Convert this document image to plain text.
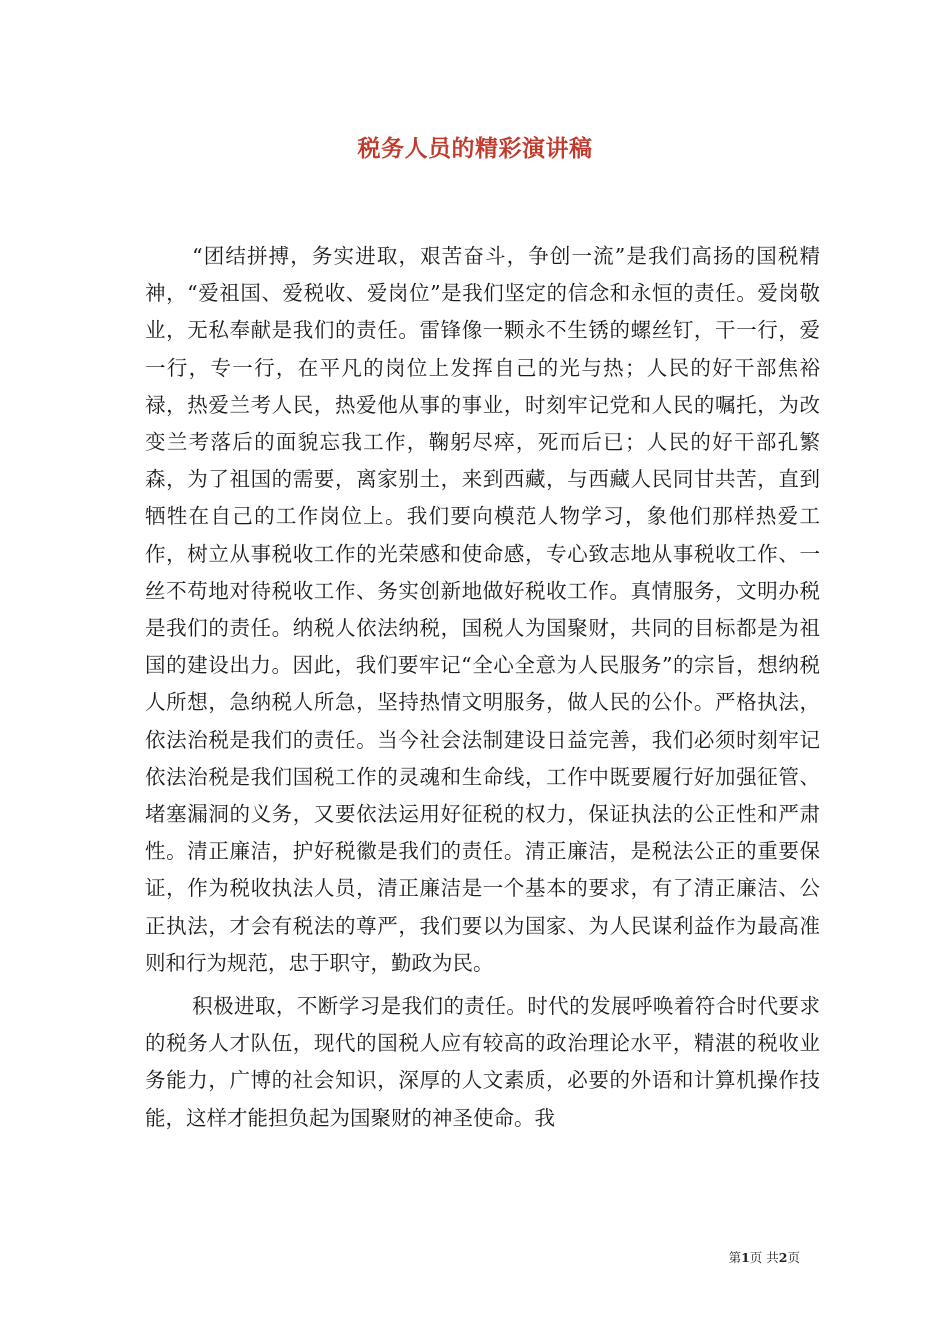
税务人员的精彩演讲稿

“团结拼搏，务实进取，艰苦奋斗，争创一流”是我们高扬的国税精神，“爱祖国、爱税收、爱岗位”是我们坚定的信念和永恒的责任。爱岗敬业，无私奉献是我们的责任。雷锋像一颗永不生锈的螺丝钉，干一行，爱一行，专一行，在平凡的岗位上发挥自己的光与热；人民的好干部焦裕禄，热爱兰考人民，热爱他从事的事业，时刻牢记党和人民的嘱托，为改变兰考落后的面貌忘我工作，鞠躬尽瘁，死而后已；人民的好干部孔繁森，为了祖国的需要，离家别土，来到西藏，与西藏人民同甘共苦，直到牺牲在自己的工作岗位上。我们要向模范人物学习，象他们那样热爱工作，树立从事税收工作的光荣感和使命感，专心致志地从事税收工作、一丝不苟地对待税收工作、务实创新地做好税收工作。真情服务，文明办税是我们的责任。纳税人依法纳税，国税人为国聚财，共同的目标都是为祖国的建设出力。因此，我们要牢记“全心全意为人民服务”的宗旨，想纳税人所想，急纳税人所急，坚持热情文明服务，做人民的公仆。严格执法，依法治税是我们的责任。当今社会法制建设日益完善，我们必须时刻牢记依法治税是我们国税工作的灵魂和生命线，工作中既要履行好加强征管、堵塞漏洞的义务，又要依法运用好征税的权力，保证执法的公正性和严肃性。清正廉洁，护好税徽是我们的责任。清正廉洁，是税法公正的重要保证，作为税收执法人员，清正廉洁是一个基本的要求，有了清正廉洁、公正执法，才会有税法的尊严，我们要以为国家、为人民谋利益作为最高准则和行为规范，忠于职守，勤政为民。

积极进取，不断学习是我们的责任。时代的发展呼唤着符合时代要求的税务人才队伍，现代的国税人应有较高的政治理论水平，精湛的税收业务能力，广博的社会知识，深厚的人文素质，必要的外语和计算机操作技能，这样才能担负起为国聚财的神圣使命。我

第1页 共2页
